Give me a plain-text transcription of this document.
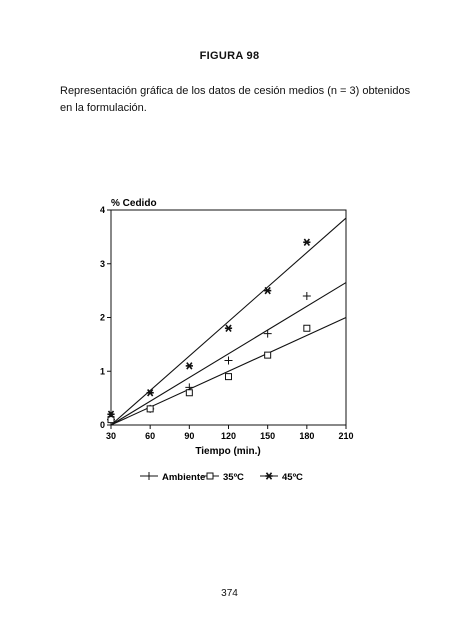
FIGURA 98
Representación gráfica de los datos de cesión medios (n = 3) obtenidos en la formulación.
30	60	90	120	150	180	210
0
1
2
3
4
% Cedido
Tiempo (min.)
Ambiente 35ºC	45ºC
374
